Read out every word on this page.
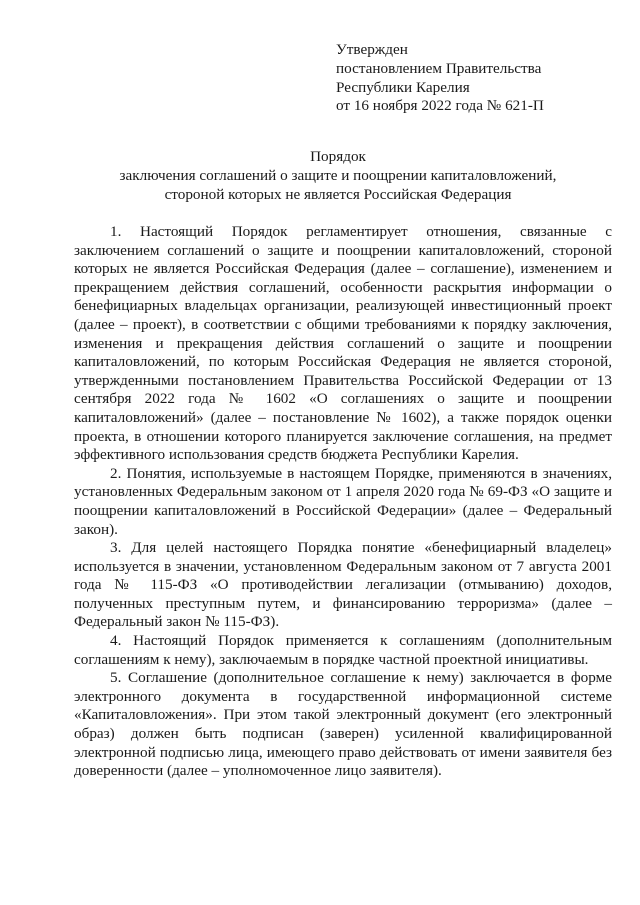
Утвержден
постановлением Правительства
Республики Карелия
от 16 ноября 2022 года № 621-П
Порядок
заключения соглашений о защите и поощрении капиталовложений,
стороной которых не является Российская Федерация

1. Настоящий Порядок регламентирует отношения, связанные с заключением соглашений о защите и поощрении капиталовложений, стороной которых не является Российская Федерация (далее – соглашение), изменением и прекращением действия соглашений, особенности раскрытия информации о бенефициарных владельцах организации, реализующей инвестиционный проект (далее – проект), в соответствии с общими требованиями к порядку заключения, изменения и прекращения действия соглашений о защите и поощрении капиталовложений, по которым Российская Федерация не является стороной, утвержденными постановлением Правительства Российской Федерации от 13 сентября 2022 года № 1602 «О соглашениях о защите и поощрении капиталовложений» (далее – постановление № 1602), а также порядок оценки проекта, в отношении которого планируется заключение соглашения, на предмет эффективного использования средств бюджета Республики Карелия.

2. Понятия, используемые в настоящем Порядке, применяются в значениях, установленных Федеральным законом от 1 апреля 2020 года № 69-ФЗ «О защите и поощрении капиталовложений в Российской Федерации» (далее – Федеральный закон).

3. Для целей настоящего Порядка понятие «бенефициарный владелец» используется в значении, установленном Федеральным законом от 7 августа 2001 года № 115-ФЗ «О противодействии легализации (отмыванию) доходов, полученных преступным путем, и финансированию терроризма» (далее – Федеральный закон № 115-ФЗ).

4. Настоящий Порядок применяется к соглашениям (дополнительным соглашениям к нему), заключаемым в порядке частной проектной инициативы.

5. Соглашение (дополнительное соглашение к нему) заключается в форме электронного документа в государственной информационной системе «Капиталовложения». При этом такой электронный документ (его электронный образ) должен быть подписан (заверен) усиленной квалифицированной электронной подписью лица, имеющего право действовать от имени заявителя без доверенности (далее – уполномоченное лицо заявителя).
